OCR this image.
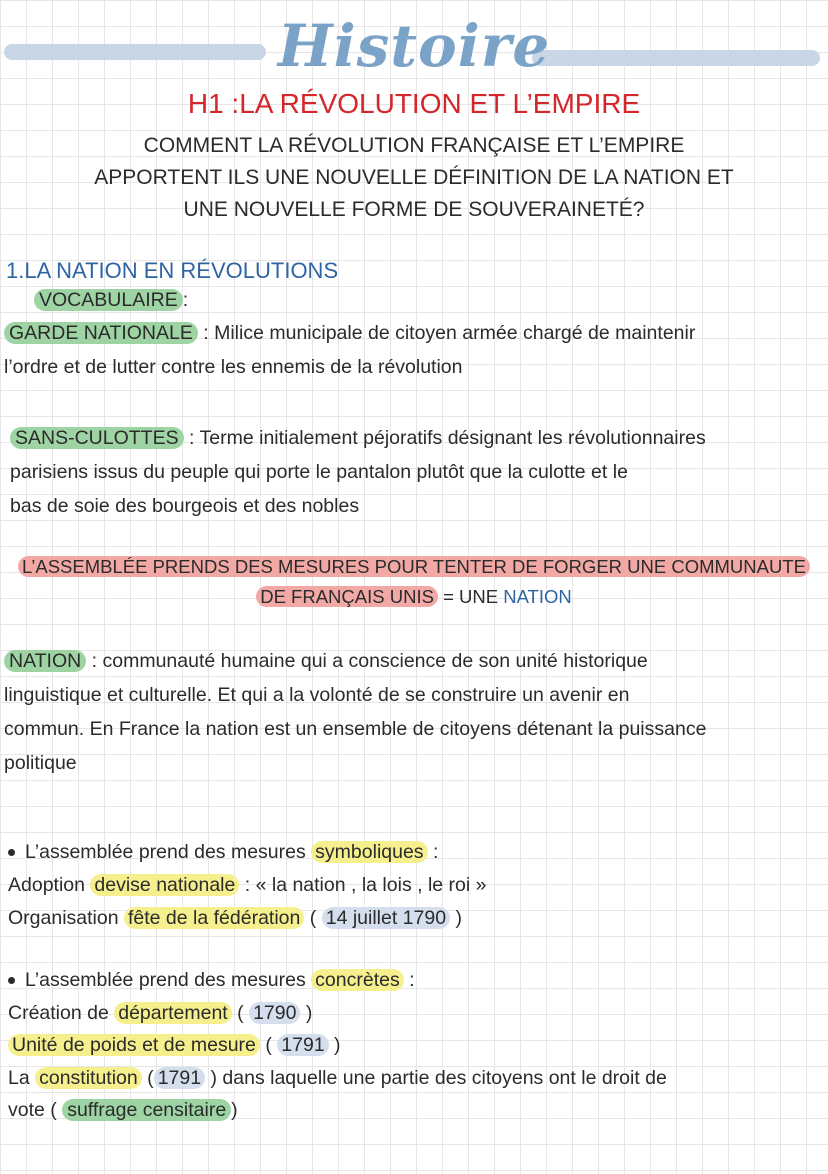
Histoire
H1 :LA RÉVOLUTION ET L’EMPIRE
COMMENT LA RÉVOLUTION FRANÇAISE ET L’EMPIRE
APPORTENT ILS UNE NOUVELLE DÉFINITION DE LA NATION ET
UNE NOUVELLE FORME DE SOUVERAINETÉ?
1.LA NATION EN RÉVOLUTIONS
VOCABULAIRE :
GARDE NATIONALE : Milice municipale de citoyen armée chargé de maintenir
l’ordre et de lutter contre les ennemis de la révolution
SANS-CULOTTES : Terme initialement péjoratifs désignant les révolutionnaires
parisiens issus du peuple qui porte le pantalon plutôt que la culotte et le
bas de soie des bourgeois et des nobles
L’ASSEMBLÉE PRENDS DES MESURES POUR TENTER DE FORGER UNE COMMUNAUTE
DE FRANÇAIS UNIS = UNE NATION
NATION : communauté humaine qui a conscience de son unité historique
linguistique et culturelle. Et qui a la volonté de se construire un avenir en
commun. En France la nation est un ensemble de citoyens détenant la puissance
politique
L’assemblée prend des mesures symboliques :
Adoption devise nationale : « la nation , la lois , le roi »
Organisation fête de la fédération ( 14 juillet 1790 )
L’assemblée prend des mesures concrètes :
Création de département ( 1790 )
Unité de poids et de mesure ( 1791 )
La constitution ( 1791 ) dans laquelle une partie des citoyens ont le droit de
vote ( suffrage censitaire )
